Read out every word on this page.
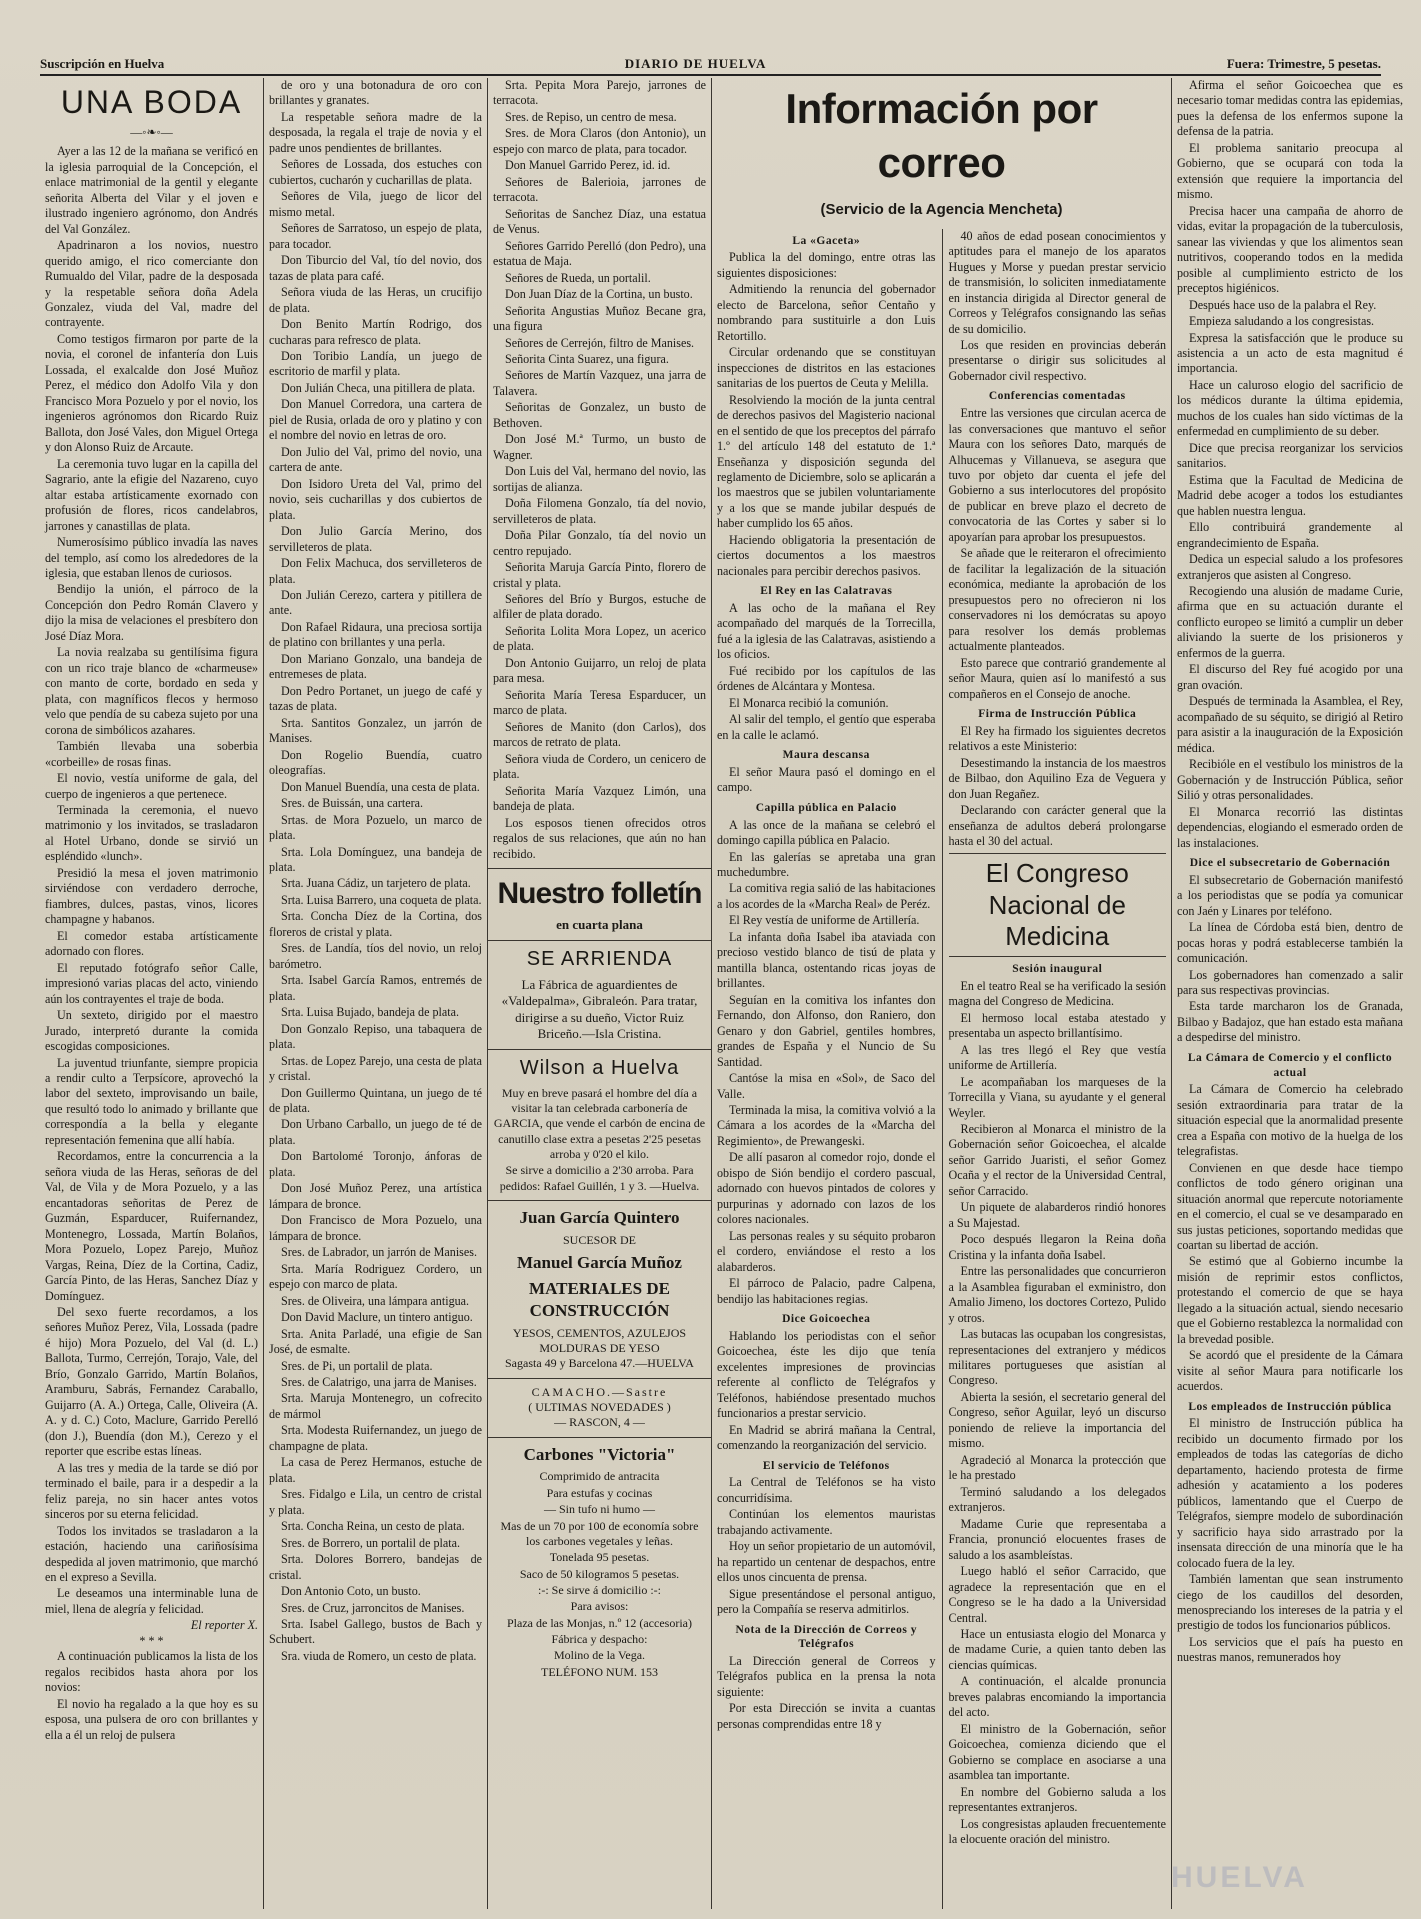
Suscripción en Huelva	DIARIO DE HUELVA	Fuera: Trimestre, 5 pesetas.
UNA BODA
—◦❧◦—

Ayer a las 12 de la mañana se verificó en la iglesia parroquial de la Concepción, el enlace matrimonial de la gentil y elegante señorita Alberta del Vilar y el joven e ilustrado ingeniero agrónomo, don Andrés del Val González.

Apadrinaron a los novios, nuestro querido amigo, el rico comerciante don Rumualdo del Vilar, padre de la desposada y la respetable señora doña Adela Gonzalez, viuda del Val, madre del contrayente.

Como testigos firmaron por parte de la novia, el coronel de infantería don Luis Lossada, el exalcalde don José Muñoz Perez, el médico don Adolfo Vila y don Francisco Mora Pozuelo y por el novio, los ingenieros agrónomos don Ricardo Ruiz Ballota, don José Vales, don Miguel Ortega y don Alonso Ruiz de Arcaute.

La ceremonia tuvo lugar en la capilla del Sagrario, ante la efigie del Nazareno, cuyo altar estaba artísticamente exornado con profusión de flores, ricos candelabros, jarrones y canastillas de plata.

Numerosísimo público invadía las naves del templo, así como los alrededores de la iglesia, que estaban llenos de curiosos.

Bendijo la unión, el párroco de la Concepción don Pedro Román Clavero y dijo la misa de velaciones el presbítero don José Díaz Mora.

La novia realzaba su gentilísima figura con un rico traje blanco de «charmeuse» con manto de corte, bordado en seda y plata, con magníficos flecos y hermoso velo que pendía de su cabeza sujeto por una corona de simbólicos azahares.

También llevaba una soberbia «corbeille» de rosas finas.

El novio, vestía uniforme de gala, del cuerpo de ingenieros a que pertenece.

Terminada la ceremonia, el nuevo matrimonio y los invitados, se trasladaron al Hotel Urbano, donde se sirvió un espléndido «lunch».

Presidió la mesa el joven matrimonio sirviéndose con verdadero derroche, fiambres, dulces, pastas, vinos, licores champagne y habanos.

El comedor estaba artísticamente adornado con flores.

El reputado fotógrafo señor Calle, impresionó varias placas del acto, viniendo aún los contrayentes el traje de boda.

Un sexteto, dirigido por el maestro Jurado, interpretó durante la comida escogidas composiciones.

La juventud triunfante, siempre propicia a rendir culto a Terpsícore, aprovechó la labor del sexteto, improvisando un baile, que resultó todo lo animado y brillante que correspondía a la bella y elegante representación femenina que allí había.

Recordamos, entre la concurrencia a la señora viuda de las Heras, señoras de del Val, de Vila y de Mora Pozuelo, y a las encantadoras señoritas de Perez de Guzmán, Esparducer, Ruifernandez, Montenegro, Lossada, Martín Bolaños, Mora Pozuelo, Lopez Parejo, Muñoz Vargas, Reina, Díez de la Cortina, Cadiz, García Pinto, de las Heras, Sanchez Díaz y Domínguez.

Del sexo fuerte recordamos, a los señores Muñoz Perez, Vila, Lossada (padre é hijo) Mora Pozuelo, del Val (d. L.) Ballota, Turmo, Cerrejón, Torajo, Vale, del Brío, Gonzalo Garrido, Martín Bolaños, Aramburu, Sabrás, Fernandez Caraballo, Guijarro (A. A.) Ortega, Calle, Oliveira (A. A. y d. C.) Coto, Maclure, Garrido Perelló (don J.), Buendía (don M.), Cerezo y el reporter que escribe estas líneas.

A las tres y media de la tarde se dió por terminado el baile, para ir a despedir a la feliz pareja, no sin hacer antes votos sinceros por su eterna felicidad.

Todos los invitados se trasladaron a la estación, haciendo una cariñosísima despedida al joven matrimonio, que marchó en el expreso a Sevilla.

Le deseamos una interminable luna de miel, llena de alegría y felicidad.

El reporter X.
* * *

A continuación publicamos la lista de los regalos recibidos hasta ahora por los novios:

El novio ha regalado a la que hoy es su esposa, una pulsera de oro con brillantes y ella a él un reloj de pulsera

de oro y una botonadura de oro con brillantes y granates.

La respetable señora madre de la desposada, la regala el traje de novia y el padre unos pendientes de brillantes.

Señores de Lossada, dos estuches con cubiertos, cucharón y cucharillas de plata.

Señores de Vila, juego de licor del mismo metal.

Señores de Sarratoso, un espejo de plata, para tocador.

Don Tiburcio del Val, tío del novio, dos tazas de plata para café.

Señora viuda de las Heras, un crucifijo de plata.

Don Benito Martín Rodrigo, dos cucharas para refresco de plata.

Don Toribio Landía, un juego de escritorio de marfil y plata.

Don Julián Checa, una pitillera de plata.

Don Manuel Corredora, una cartera de piel de Rusia, orlada de oro y platino y con el nombre del novio en letras de oro.

Don Julio del Val, primo del novio, una cartera de ante.

Don Isidoro Ureta del Val, primo del novio, seis cucharillas y dos cubiertos de plata.

Don Julio García Merino, dos servilleteros de plata.

Don Felix Machuca, dos servilleteros de plata.

Don Julián Cerezo, cartera y pitillera de ante.

Don Rafael Ridaura, una preciosa sortija de platino con brillantes y una perla.

Don Mariano Gonzalo, una bandeja de entremeses de plata.

Don Pedro Portanet, un juego de café y tazas de plata.

Srta. Santitos Gonzalez, un jarrón de Manises.

Don Rogelio Buendía, cuatro oleografías.

Don Manuel Buendía, una cesta de plata.

Sres. de Buissán, una cartera.

Srtas. de Mora Pozuelo, un marco de plata.

Srta. Lola Domínguez, una bandeja de plata.

Srta. Juana Cádiz, un tarjetero de plata.

Srta. Luisa Barrero, una coqueta de plata.

Srta. Concha Díez de la Cortina, dos floreros de cristal y plata.

Sres. de Landía, tíos del novio, un reloj barómetro.

Srta. Isabel García Ramos, entremés de plata.

Srta. Luisa Bujado, bandeja de plata.

Don Gonzalo Repiso, una tabaquera de plata.

Srtas. de Lopez Parejo, una cesta de plata y cristal.

Don Guillermo Quintana, un juego de té de plata.

Don Urbano Carballo, un juego de té de plata.

Don Bartolomé Toronjo, ánforas de plata.

Don José Muñoz Perez, una artística lámpara de bronce.

Don Francisco de Mora Pozuelo, una lámpara de bronce.

Sres. de Labrador, un jarrón de Manises.

Srta. María Rodriguez Cordero, un espejo con marco de plata.

Sres. de Oliveira, una lámpara antigua.

Don David Maclure, un tintero antiguo.

Srta. Anita Parladé, una efigie de San José, de esmalte.

Sres. de Pi, un portalil de plata.

Sres. de Calatrigo, una jarra de Manises.

Srta. Maruja Montenegro, un cofrecito de mármol

Srta. Modesta Ruifernandez, un juego de champagne de plata.

La casa de Perez Hermanos, estuche de plata.

Sres. Fidalgo e Lila, un centro de cristal y plata.

Srta. Concha Reina, un cesto de plata.

Sres. de Borrero, un portalil de plata.

Srta. Dolores Borrero, bandejas de cristal.

Don Antonio Coto, un busto.

Sres. de Cruz, jarroncitos de Manises.

Srta. Isabel Gallego, bustos de Bach y Schubert.

Sra. viuda de Romero, un cesto de plata.

Srta. Pepita Mora Parejo, jarrones de terracota.

Sres. de Repiso, un centro de mesa.

Sres. de Mora Claros (don Antonio), un espejo con marco de plata, para tocador.

Don Manuel Garrido Perez, id. id.

Señores de Balerioia, jarrones de terracota.

Señoritas de Sanchez Díaz, una estatua de Venus.

Señores Garrido Perelló (don Pedro), una estatua de Maja.

Señores de Rueda, un portalil.

Don Juan Díaz de la Cortina, un busto.

Señorita Angustias Muñoz Becane gra, una figura

Señores de Cerrejón, filtro de Manises.

Señorita Cinta Suarez, una figura.

Señores de Martín Vazquez, una jarra de Talavera.

Señoritas de Gonzalez, un busto de Bethoven.

Don José M.ª Turmo, un busto de Wagner.

Don Luis del Val, hermano del novio, las sortijas de alianza.

Doña Filomena Gonzalo, tía del novio, servilleteros de plata.

Doña Pilar Gonzalo, tía del novio un centro repujado.

Señorita Maruja García Pinto, florero de cristal y plata.

Señores del Brío y Burgos, estuche de alfiler de plata dorado.

Señorita Lolita Mora Lopez, un acerico de plata.

Don Antonio Guijarro, un reloj de plata para mesa.

Señorita María Teresa Esparducer, un marco de plata.

Señores de Manito (don Carlos), dos marcos de retrato de plata.

Señora viuda de Cordero, un cenicero de plata.

Señorita María Vazquez Limón, una bandeja de plata.

Los esposos tienen ofrecidos otros regalos de sus relaciones, que aún no han recibido.

Nuestro folletín
en cuarta plana
SE ARRIENDA

La Fábrica de aguardientes de «Valdepalma», Gibraleón. Para tratar, dirigirse a su dueño, Victor Ruiz Briceño.—Isla Cristina.

Wilson a Huelva

Muy en breve pasará el hombre del día a visitar la tan celebrada carbonería de GARCIA, que vende el carbón de encina de canutillo clase extra a pesetas 2'25 pesetas arroba y 0'20 el kilo.

Se sirve a domicilio a 2'30 arroba. Para pedidos: Rafael Guillén, 1 y 3. —Huelva.

Juan García Quintero
SUCESOR DE
Manuel García Muñoz
MATERIALES DE CONSTRUCCIÓN
YESOS, CEMENTOS, AZULEJOS MOLDURAS DE YESO
Sagasta 49 y Barcelona 47.—HUELVA
CAMACHO.—Sastre
( ULTIMAS NOVEDADES )
— RASCON, 4 —
Carbones "Victoria"

Comprimido de antracita

Para estufas y cocinas

— Sin tufo ni humo —

Mas de un 70 por 100 de economía sobre los carbones vegetales y leñas.

Tonelada 95 pesetas.

Saco de 50 kilogramos 5 pesetas.

:-: Se sirve á domicilio :-:

Para avisos:

Plaza de las Monjas, n.º 12 (accesoria)

Fábrica y despacho:

Molino de la Vega.

TELÉFONO NUM. 153

Información por correo
(Servicio de la Agencia Mencheta)
La «Gaceta»

Publica la del domingo, entre otras las siguientes disposiciones:

Admitiendo la renuncia del gobernador electo de Barcelona, señor Centaño y nombrando para sustituirle a don Luis Retortillo.

Circular ordenando que se constituyan inspecciones de distritos en las estaciones sanitarias de los puertos de Ceuta y Melilla.

Resolviendo la moción de la junta central de derechos pasivos del Magisterio nacional en el sentido de que los preceptos del párrafo 1.º del artículo 148 del estatuto de 1.ª Enseñanza y disposición segunda del reglamento de Diciembre, solo se aplicarán a los maestros que se jubilen voluntariamente y a los que se mande jubilar después de haber cumplido los 65 años.

Haciendo obligatoria la presentación de ciertos documentos a los maestros nacionales para percibir derechos pasivos.

El Rey en las Calatravas

A las ocho de la mañana el Rey acompañado del marqués de la Torrecilla, fué a la iglesia de las Calatravas, asistiendo a los oficios.

Fué recibido por los capítulos de las órdenes de Alcántara y Montesa.

El Monarca recibió la comunión.

Al salir del templo, el gentío que esperaba en la calle le aclamó.

Maura descansa

El señor Maura pasó el domingo en el campo.

Capilla pública en Palacio

A las once de la mañana se celebró el domingo capilla pública en Palacio.

En las galerías se apretaba una gran muchedumbre.

La comitiva regia salió de las habitaciones a los acordes de la «Marcha Real» de Peréz.

El Rey vestía de uniforme de Artillería.

La infanta doña Isabel iba ataviada con precioso vestido blanco de tisú de plata y mantilla blanca, ostentando ricas joyas de brillantes.

Seguían en la comitiva los infantes don Fernando, don Alfonso, don Raniero, don Genaro y don Gabriel, gentiles hombres, grandes de España y el Nuncio de Su Santidad.

Cantóse la misa en «Sol», de Saco del Valle.

Terminada la misa, la comitiva volvió a la Cámara a los acordes de la «Marcha del Regimiento», de Prewangeski.

De allí pasaron al comedor rojo, donde el obispo de Sión bendijo el cordero pascual, adornado con huevos pintados de colores y purpurinas y adornado con lazos de los colores nacionales.

Las personas reales y su séquito probaron el cordero, enviándose el resto a los alabarderos.

El párroco de Palacio, padre Calpena, bendijo las habitaciones regias.

Dice Goicoechea

Hablando los periodistas con el señor Goicoechea, éste les dijo que tenía excelentes impresiones de provincias referente al conflicto de Telégrafos y Teléfonos, habiéndose presentado muchos funcionarios a prestar servicio.

En Madrid se abrirá mañana la Central, comenzando la reorganización del servicio.

El servicio de Teléfonos

La Central de Teléfonos se ha visto concurridísima.

Continúan los elementos mauristas trabajando activamente.

Hoy un señor propietario de un automóvil, ha repartido un centenar de despachos, entre ellos unos cincuenta de prensa.

Sigue presentándose el personal antiguo, pero la Compañía se reserva admitirlos.

Nota de la Dirección de Correos y Telégrafos

La Dirección general de Correos y Telégrafos publica en la prensa la nota siguiente:

Por esta Dirección se invita a cuantas personas comprendidas entre 18 y

40 años de edad posean conocimientos y aptitudes para el manejo de los aparatos Hugues y Morse y puedan prestar servicio de transmisión, lo soliciten inmediatamente en instancia dirigida al Director general de Correos y Telégrafos consignando las señas de su domicilio.

Los que residen en provincias deberán presentarse o dirigir sus solicitudes al Gobernador civil respectivo.

Conferencias comentadas

Entre las versiones que circulan acerca de las conversaciones que mantuvo el señor Maura con los señores Dato, marqués de Alhucemas y Villanueva, se asegura que tuvo por objeto dar cuenta el jefe del Gobierno a sus interlocutores del propósito de publicar en breve plazo el decreto de convocatoria de las Cortes y saber si lo apoyarían para aprobar los presupuestos.

Se añade que le reiteraron el ofrecimiento de facilitar la legalización de la situación económica, mediante la aprobación de los presupuestos pero no ofrecieron ni los conservadores ni los demócratas su apoyo para resolver los demás problemas actualmente planteados.

Esto parece que contrarió grandemente al señor Maura, quien así lo manifestó a sus compañeros en el Consejo de anoche.

Firma de Instrucción Pública

El Rey ha firmado los siguientes decretos relativos a este Ministerio:

Desestimando la instancia de los maestros de Bilbao, don Aquilino Eza de Veguera y don Juan Regañez.

Declarando con carácter general que la enseñanza de adultos deberá prolongarse hasta el 30 del actual.

El Congreso Nacional de Medicina
Sesión inaugural

En el teatro Real se ha verificado la sesión magna del Congreso de Medicina.

El hermoso local estaba atestado y presentaba un aspecto brillantísimo.

A las tres llegó el Rey que vestía uniforme de Artillería.

Le acompañaban los marqueses de la Torrecilla y Viana, su ayudante y el general Weyler.

Recibieron al Monarca el ministro de la Gobernación señor Goicoechea, el alcalde señor Garrido Juaristi, el señor Gomez Ocaña y el rector de la Universidad Central, señor Carracido.

Un piquete de alabarderos rindió honores a Su Majestad.

Poco después llegaron la Reina doña Cristina y la infanta doña Isabel.

Entre las personalidades que concurrieron a la Asamblea figuraban el exministro, don Amalio Jimeno, los doctores Cortezo, Pulido y otros.

Las butacas las ocupaban los congresistas, representaciones del extranjero y médicos militares portugueses que asistían al Congreso.

Abierta la sesión, el secretario general del Congreso, señor Aguilar, leyó un discurso poniendo de relieve la importancia del mismo.

Agradeció al Monarca la protección que le ha prestado

Terminó saludando a los delegados extranjeros.

Madame Curie que representaba a Francia, pronunció elocuentes frases de saludo a los asambleístas.

Luego habló el señor Carracido, que agradece la representación que en el Congreso se le ha dado a la Universidad Central.

Hace un entusiasta elogio del Monarca y de madame Curie, a quien tanto deben las ciencias químicas.

A continuación, el alcalde pronuncia breves palabras encomiando la importancia del acto.

El ministro de la Gobernación, señor Goicoechea, comienza diciendo que el Gobierno se complace en asociarse a una asamblea tan importante.

En nombre del Gobierno saluda a los representantes extranjeros.

Los congresistas aplauden frecuentemente la elocuente oración del ministro.

Afirma el señor Goicoechea que es necesario tomar medidas contra las epidemias, pues la defensa de los enfermos supone la defensa de la patria.

El problema sanitario preocupa al Gobierno, que se ocupará con toda la extensión que requiere la importancia del mismo.

Precisa hacer una campaña de ahorro de vidas, evitar la propagación de la tuberculosis, sanear las viviendas y que los alimentos sean nutritivos, cooperando todos en la medida posible al cumplimiento estricto de los preceptos higiénicos.

Después hace uso de la palabra el Rey.

Empieza saludando a los congresistas.

Expresa la satisfacción que le produce su asistencia a un acto de esta magnitud é importancia.

Hace un caluroso elogio del sacrificio de los médicos durante la última epidemia, muchos de los cuales han sido víctimas de la enfermedad en cumplimiento de su deber.

Dice que precisa reorganizar los servicios sanitarios.

Estima que la Facultad de Medicina de Madrid debe acoger a todos los estudiantes que hablen nuestra lengua.

Ello contribuirá grandemente al engrandecimiento de España.

Dedica un especial saludo a los profesores extranjeros que asisten al Congreso.

Recogiendo una alusión de madame Curie, afirma que en su actuación durante el conflicto europeo se limitó a cumplir un deber aliviando la suerte de los prisioneros y enfermos de la guerra.

El discurso del Rey fué acogido por una gran ovación.

Después de terminada la Asamblea, el Rey, acompañado de su séquito, se dirigió al Retiro para asistir a la inauguración de la Exposición médica.

Recibióle en el vestíbulo los ministros de la Gobernación y de Instrucción Pública, señor Silió y otras personalidades.

El Monarca recorrió las distintas dependencias, elogiando el esmerado orden de las instalaciones.

Dice el subsecretario de Gobernación

El subsecretario de Gobernación manifestó a los periodistas que se podía ya comunicar con Jaén y Linares por teléfono.

La línea de Córdoba está bien, dentro de pocas horas y podrá establecerse también la comunicación.

Los gobernadores han comenzado a salir para sus respectivas provincias.

Esta tarde marcharon los de Granada, Bilbao y Badajoz, que han estado esta mañana a despedirse del ministro.

La Cámara de Comercio y el conflicto actual

La Cámara de Comercio ha celebrado sesión extraordinaria para tratar de la situación especial que la anormalidad presente crea a España con motivo de la huelga de los telegrafistas.

Convienen en que desde hace tiempo conflictos de todo género originan una situación anormal que repercute notoriamente en el comercio, el cual se ve desamparado en sus justas peticiones, soportando medidas que coartan su libertad de acción.

Se estimó que al Gobierno incumbe la misión de reprimir estos conflictos, protestando el comercio de que se haya llegado a la situación actual, siendo necesario que el Gobierno restablezca la normalidad con la brevedad posible.

Se acordó que el presidente de la Cámara visite al señor Maura para notificarle los acuerdos.

Los empleados de Instrucción pública

El ministro de Instrucción pública ha recibido un documento firmado por los empleados de todas las categorías de dicho departamento, haciendo protesta de firme adhesión y acatamiento a los poderes públicos, lamentando que el Cuerpo de Telégrafos, siempre modelo de subordinación y sacrificio haya sido arrastrado por la insensata dirección de una minoría que le ha colocado fuera de la ley.

También lamentan que sean instrumento ciego de los caudillos del desorden, menospreciando los intereses de la patria y el prestigio de todos los funcionarios públicos.

Los servicios que el país ha puesto en nuestras manos, remunerados hoy

HUELVA
